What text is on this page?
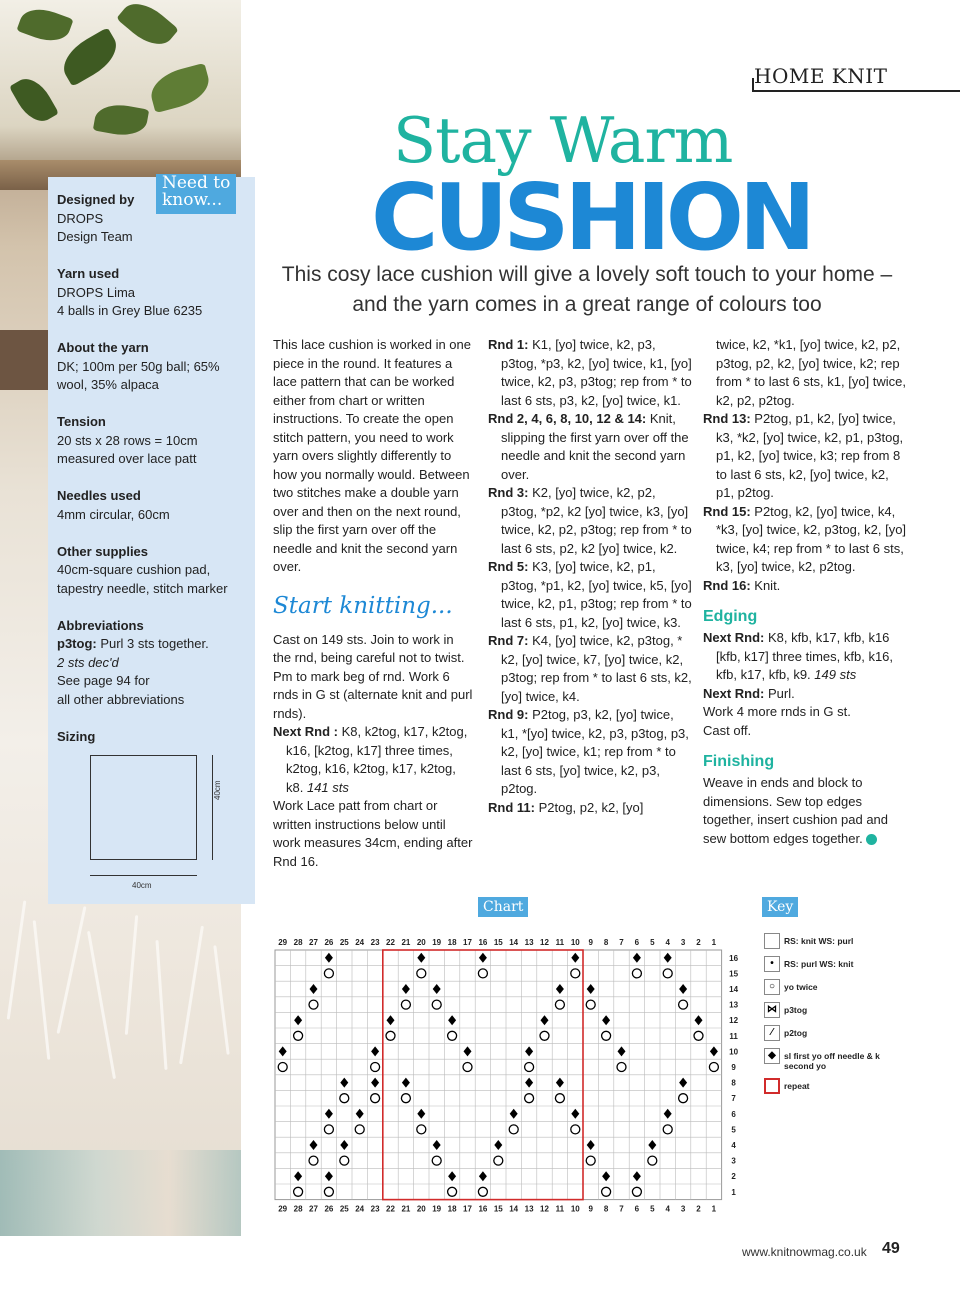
Designed by
DROPS
Design Team
Yarn used
DROPS Lima
4 balls in Grey Blue 6235
About the yarn
DK; 100m per 50g ball; 65%
wool, 35% alpaca
Tension
20 sts x 28 rows = 10cm
measured over lace patt
Needles used
4mm circular, 60cm
Other supplies
40cm-square cushion pad,
tapestry needle, stitch marker
Abbreviations
p3tog: Purl 3 sts together.
2 sts dec'd
See page 94 for
all other abbreviations
Sizing
Need to know...
40cm
40cm
HOME KNIT
Stay Warm
CUSHION
This cosy lace cushion will give a lovely soft touch to your home – and the yarn comes in a great range of colours too

This lace cushion is worked in one piece in the round. It features a lace pattern that can be worked either from chart or written instructions. To create the open stitch pattern, you need to work yarn overs slightly differently to how you normally would. Between two stitches make a double yarn over and then on the next round, slip the first yarn over off the needle and knit the second yarn over.

Start knitting...

Cast on 149 sts. Join to work in the rnd, being careful not to twist. Pm to mark beg of rnd. Work 6 rnds in G st (alternate knit and purl rnds).

Next Rnd : K8, k2tog, k17, k2tog, k16, [k2tog, k17] three times, k2tog, k16, k2tog, k17, k2tog, k8. 141 sts

Work Lace patt from chart or written instructions below until work measures 34cm, ending after Rnd 16.

Rnd 1: K1, [yo] twice, k2, p3, p3tog, *p3, k2, [yo] twice, k1, [yo] twice, k2, p3, p3tog; rep from * to last 6 sts, p3, k2, [yo] twice, k1.

Rnd 2, 4, 6, 8, 10, 12 & 14: Knit, slipping the first yarn over off the needle and knit the second yarn over.

Rnd 3: K2, [yo] twice, k2, p2, p3tog, *p2, k2 [yo] twice, k3, [yo] twice, k2, p2, p3tog; rep from * to last 6 sts, p2, k2 [yo] twice, k2.

Rnd 5: K3, [yo] twice, k2, p1, p3tog, *p1, k2, [yo] twice, k5, [yo] twice, k2, p1, p3tog; rep from * to last 6 sts, p1, k2, [yo] twice, k3.

Rnd 7: K4, [yo] twice, k2, p3tog, * k2, [yo] twice, k7, [yo] twice, k2, p3tog; rep from * to last 6 sts, k2, [yo] twice, k4.

Rnd 9: P2tog, p3, k2, [yo] twice, k1, *[yo] twice, k2, p3, p3tog, p3, k2, [yo] twice, k1; rep from * to last 6 sts, [yo] twice, k2, p3, p2tog.

Rnd 11: P2tog, p2, k2, [yo]

twice, k2, *k1, [yo] twice, k2, p2, p3tog, p2, k2, [yo] twice, k2; rep from * to last 6 sts, k1, [yo] twice, k2, p2, p2tog.

Rnd 13: P2tog, p1, k2, [yo] twice, k3, *k2, [yo] twice, k2, p1, p3tog, p1, k2, [yo] twice, k3; rep from 8 to last 6 sts, k2, [yo] twice, k2, p1, p2tog.

Rnd 15: P2tog, k2, [yo] twice, k4, *k3, [yo] twice, k2, p3tog, k2, [yo] twice, k4; rep from * to last 6 sts, k3, [yo] twice, k2, p2tog.

Rnd 16: Knit.

Edging

Next Rnd: K8, kfb, k17, kfb, k16 [kfb, k17] three times, kfb, k16, kfb, k17, kfb, k9. 149 sts

Next Rnd: Purl.

Work 4 more rnds in G st.

Cast off.

Finishing

Weave in ends and block to dimensions. Sew top edges together, insert cushion pad and sew bottom edges together.

Chart	Key
29
29
28
28
27
27
26
26
25
25
24
24
23
23
22
22
21
21
20
20
19
19
18
18
17
17
16
16
15
15
14
14
13
13
12
12
11
11
10
10
9
9
8
8
7
7
6
6
5
5
4
4
3
3
2
2
1
1
16
15
14
13
12
11
10
9
8
7
6
5
4
3
2
1
RS: knit WS: purl
•	RS: purl WS: knit
○	yo twice
⋈ p3tog
⁄	p2tog
◆ sl first yo off needle & k second yo
repeat
www.knitnowmag.co.uk 49
